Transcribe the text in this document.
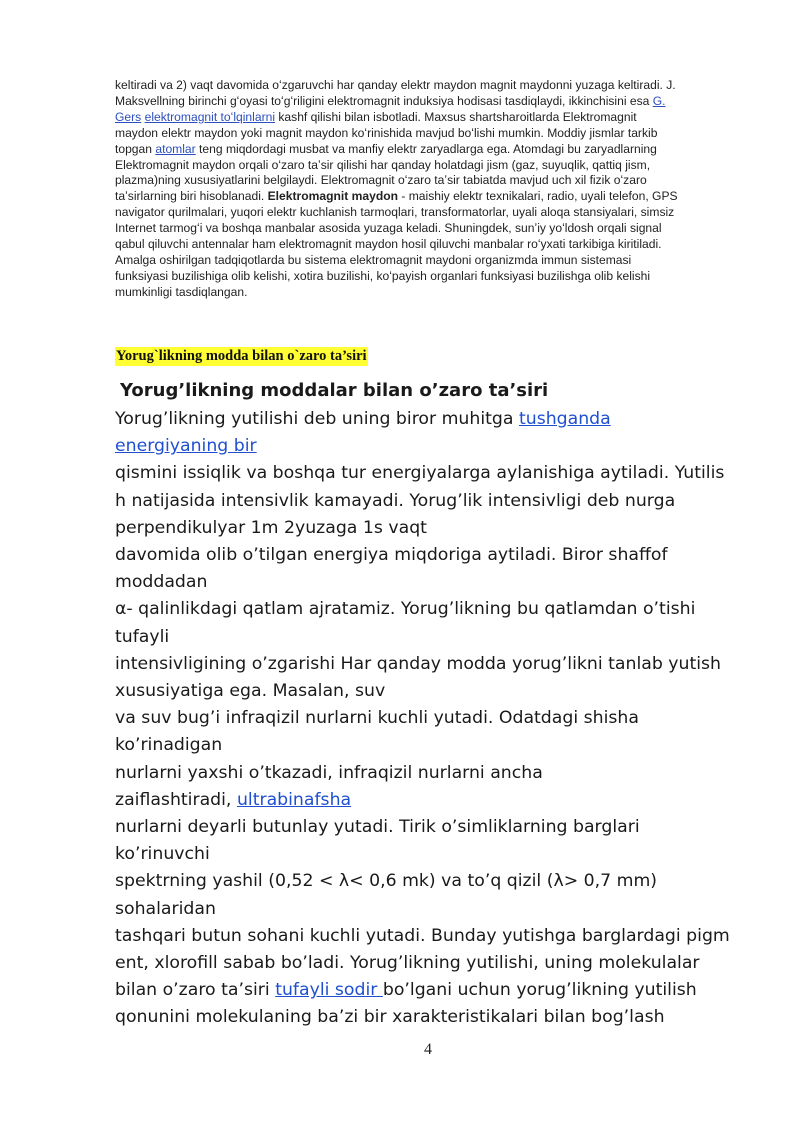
keltiradi va 2) vaqt davomida oʻzgaruvchi har qanday elektr maydon magnit maydonni yuzaga keltiradi. J.
Maksvellning birinchi gʻoyasi toʻgʻriligini elektromagnit induksiya hodisasi tasdiqlaydi, ikkinchisini esa G.
Gers elektromagnit toʻlqinlarni kashf qilishi bilan isbotladi. Maxsus shartsharoitlarda Elektromagnit
maydon elektr maydon yoki magnit maydon koʻrinishida mavjud boʻlishi mumkin. Moddiy jismlar tarkib
topgan atomlar teng miqdordagi musbat va manfiy elektr zaryadlarga ega. Atomdagi bu zaryadlarning
Elektromagnit maydon orqali oʻzaro taʼsir qilishi har qanday holatdagi jism (gaz, suyuqlik, qattiq jism,
plazma)ning xususiyatlarini belgilaydi. Elektromagnit oʻzaro taʼsir tabiatda mavjud uch xil fizik oʻzaro
taʼsirlarning biri hisoblanadi. Elektromagnit maydon - maishiy elektr texnikalari, radio, uyali telefon, GPS
navigator qurilmalari, yuqori elektr kuchlanish tarmoqlari, transformatorlar, uyali aloqa stansiyalari, simsiz
Internet tarmogʻi va boshqa manbalar asosida yuzaga keladi. Shuningdek, sunʼiy yoʻldosh orqali signal
qabul qiluvchi antennalar ham elektromagnit maydon hosil qiluvchi manbalar roʻyxati tarkibiga kiritiladi.
Amalga oshirilgan tadqiqotlarda bu sistema elektromagnit maydoni organizmda immun sistemasi
funksiyasi buzilishiga olib kelishi, xotira buzilishi, koʻpayish organlari funksiyasi buzilishga olib kelishi
mumkinligi tasdiqlangan.

Yorug`likning modda bilan o`zaro ta’siri
Yorug’likning moddalar bilan o’zaro ta’siri
Yorug’likning yutilishi deb uning biror muhitga tushganda
energiyaning bir
qismini issiqlik va boshqa tur energiyalarga aylanishiga aytiladi. Yutilis
h natijasida intensivlik kamayadi. Yorug’lik intensivligi deb nurga
perpendikulyar 1m 2yuzaga 1s vaqt
davomida olib o’tilgan energiya miqdoriga aytiladi. Biror shaffof
moddadan
α- qalinlikdagi qatlam ajratamiz. Yorug’likning bu qatlamdan o’tishi
tufayli
intensivligining o’zgarishi Har qanday modda yorug’likni tanlab yutish
xususiyatiga ega. Masalan, suv
va suv bug’i infraqizil nurlarni kuchli yutadi. Odatdagi shisha
ko’rinadigan
nurlarni yaxshi o’tkazadi, infraqizil nurlarni ancha
zaiflashtiradi, ultrabinafsha
nurlarni deyarli butunlay yutadi. Tirik o’simliklarning barglari
ko’rinuvchi
spektrning yashil (0,52 < λ< 0,6 mk) va to’q qizil (λ> 0,7 mm)
sohalaridan
tashqari butun sohani kuchli yutadi. Bunday yutishga barglardagi pigm
ent, xlorofill sabab bo’ladi. Yorug’likning yutilishi, uning molekulalar
bilan o’zaro ta’siri tufayli sodir bo’lgani uchun yorug’likning yutilish
qonunini molekulaning ba’zi bir xarakteristikalari bilan bog’lash
4
